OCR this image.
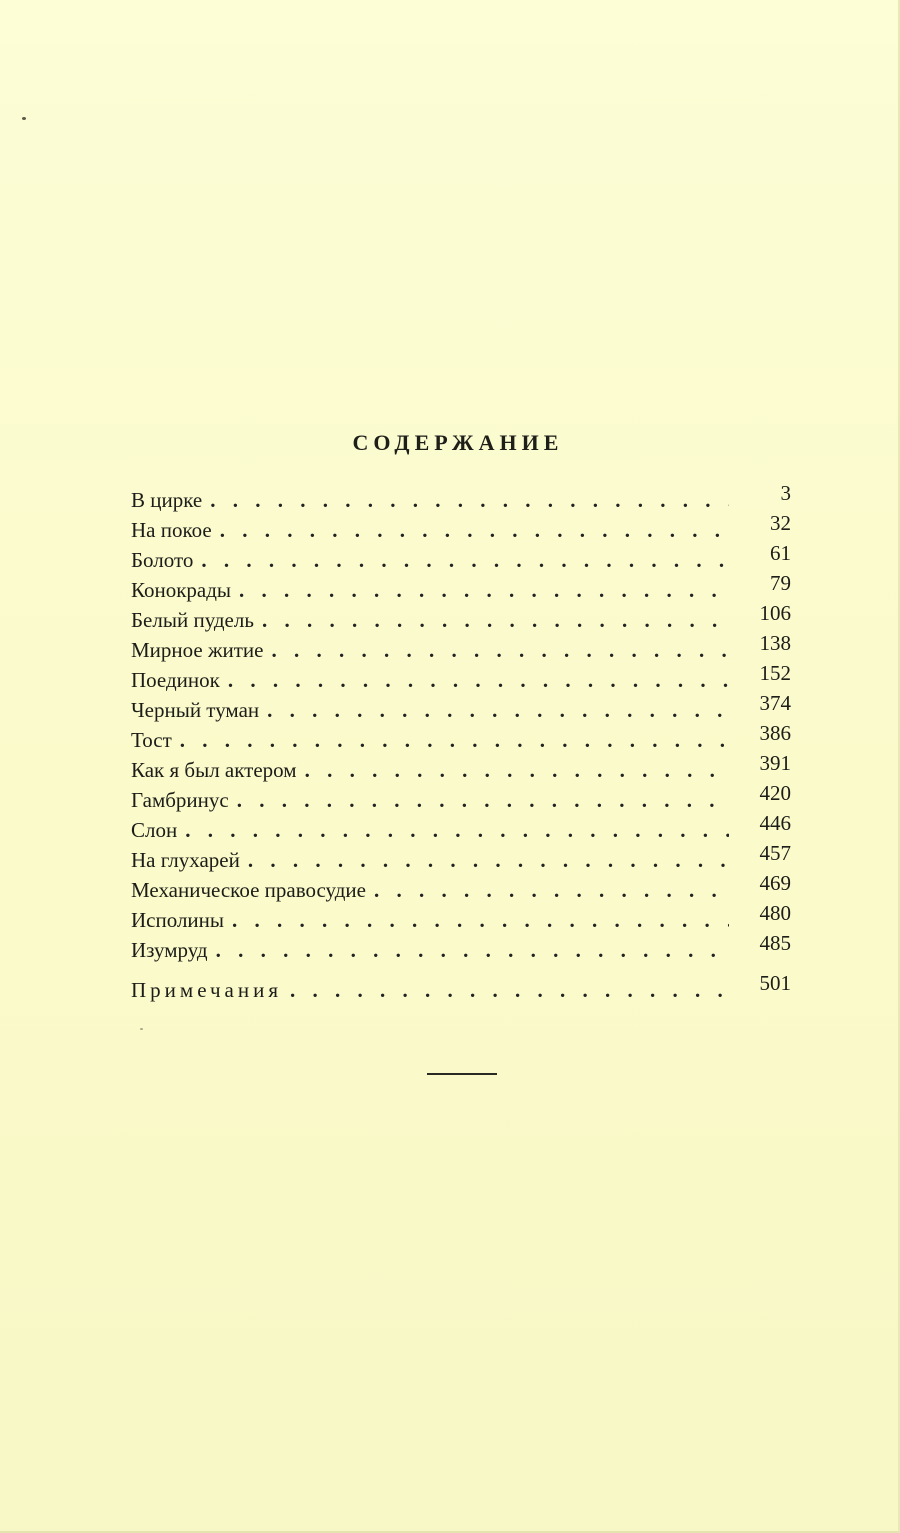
СОДЕРЖАНИЕ
В цирке . . .	3
На покое . . .	32
Болото . . .	61
Конокрады . . .	79
Белый пудель . . .	106
Мирное житие . . .	138
Поединок . . .	152
Черный туман . . .	374
Тост . . .	386
Как я был актером . . .	391
Гамбринус . . .	420
Слон . . .	446
На глухарей . . .	457
Механическое правосудие . . .	469
Исполины . . .	480
Изумруд . . .	485
Примечания . . .	501
